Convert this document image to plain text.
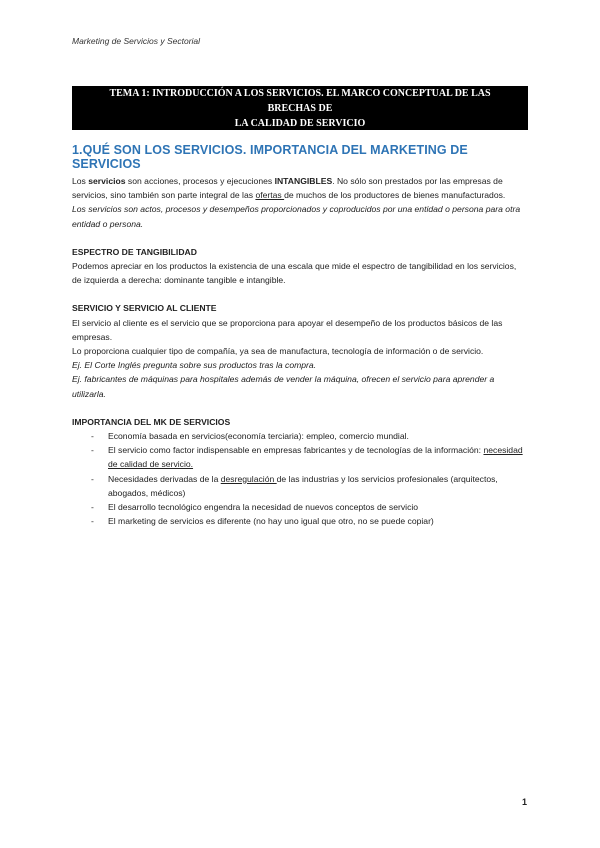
Marketing de Servicios y Sectorial
TEMA 1: INTRODUCCIÓN A LOS SERVICIOS. EL MARCO CONCEPTUAL DE LAS BRECHAS DE
LA CALIDAD DE SERVICIO
1.QUÉ SON LOS SERVICIOS. IMPORTANCIA DEL MARKETING DE SERVICIOS

Los servicios son acciones, procesos y ejecuciones INTANGIBLES. No sólo son prestados por las empresas de servicios, sino también son parte integral de las ofertas de muchos de los productores de bienes manufacturados.

Los servicios son actos, procesos y desempeños proporcionados y coproducidos por una entidad o persona para otra entidad o persona.

ESPECTRO DE TANGIBILIDAD

Podemos apreciar en los productos la existencia de una escala que mide el espectro de tangibilidad en los servicios, de izquierda a derecha: dominante tangible e intangible.

SERVICIO Y SERVICIO AL CLIENTE

El servicio al cliente es el servicio que se proporciona para apoyar el desempeño de los productos básicos de las empresas.

Lo proporciona cualquier tipo de compañía, ya sea de manufactura, tecnología de información o de servicio.

Ej. El Corte Inglés pregunta sobre sus productos tras la compra.

Ej. fabricantes de máquinas para hospitales además de vender la máquina, ofrecen el servicio para aprender a utilizarla.

IMPORTANCIA DEL MK DE SERVICIOS
- Economía basada en servicios(economía terciaria): empleo, comercio mundial.
- El servicio como factor indispensable en empresas fabricantes y de tecnologías de la información: necesidad de calidad de servicio.
- Necesidades derivadas de la desregulación de las industrias y los servicios profesionales (arquitectos, abogados, médicos)
- El desarrollo tecnológico engendra la necesidad de nuevos conceptos de servicio
- El marketing de servicios es diferente (no hay uno igual que otro, no se puede copiar)
1
